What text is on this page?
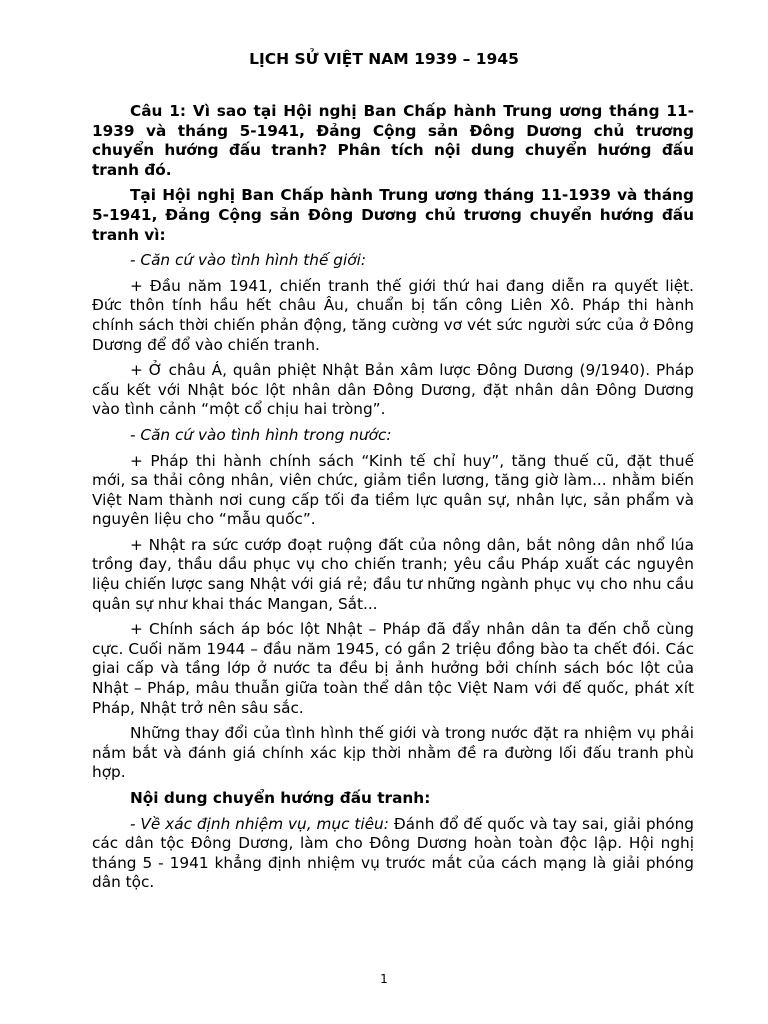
LỊCH SỬ VIỆT NAM 1939 – 1945

Câu 1: Vì sao tại Hội nghị Ban Chấp hành Trung ương tháng 11-1939 và tháng 5-1941, Đảng Cộng sản Đông Dương chủ trương chuyển hướng đấu tranh? Phân tích nội dung chuyển hướng đấu tranh đó.

Tại Hội nghị Ban Chấp hành Trung ương tháng 11-1939 và tháng 5-1941, Đảng Cộng sản Đông Dương chủ trương chuyển hướng đấu tranh vì:

- Căn cứ vào tình hình thế giới:

+ Đầu năm 1941, chiến tranh thế giới thứ hai đang diễn ra quyết liệt. Đức thôn tính hầu hết châu Âu, chuẩn bị tấn công Liên Xô. Pháp thi hành chính sách thời chiến phản động, tăng cường vơ vét sức người sức của ở Đông Dương để đổ vào chiến tranh.

+ Ở châu Á, quân phiệt Nhật Bản xâm lược Đông Dương (9/1940). Pháp cấu kết với Nhật bóc lột nhân dân Đông Dương, đặt nhân dân Đông Dương vào tình cảnh “một cổ chịu hai tròng”.

- Căn cứ vào tình hình trong nước:

+ Pháp thi hành chính sách “Kinh tế chỉ huy”, tăng thuế cũ, đặt thuế mới, sa thải công nhân, viên chức, giảm tiền lương, tăng giờ làm... nhằm biến Việt Nam thành nơi cung cấp tối đa tiềm lực quân sự, nhân lực, sản phẩm và nguyên liệu cho “mẫu quốc”.

+ Nhật ra sức cướp đoạt ruộng đất của nông dân, bắt nông dân nhổ lúa trồng đay, thầu dầu phục vụ cho chiến tranh; yêu cầu Pháp xuất các nguyên liệu chiến lược sang Nhật với giá rẻ; đầu tư những ngành phục vụ cho nhu cầu quân sự như khai thác Mangan, Sắt...

+ Chính sách áp bóc lột Nhật – Pháp đã đẩy nhân dân ta đến chỗ cùng cực. Cuối năm 1944 – đầu năm 1945, có gần 2 triệu đồng bào ta chết đói. Các giai cấp và tầng lớp ở nước ta đều bị ảnh hưởng bởi chính sách bóc lột của Nhật – Pháp, mâu thuẫn giữa toàn thể dân tộc Việt Nam với đế quốc, phát xít Pháp, Nhật trở nên sâu sắc.

Những thay đổi của tình hình thế giới và trong nước đặt ra nhiệm vụ phải nắm bắt và đánh giá chính xác kịp thời nhằm đề ra đường lối đấu tranh phù hợp.

Nội dung chuyển hướng đấu tranh:

- Về xác định nhiệm vụ, mục tiêu: Đánh đổ đế quốc và tay sai, giải phóng các dân tộc Đông Dương, làm cho Đông Dương hoàn toàn độc lập. Hội nghị tháng 5 - 1941 khẳng định nhiệm vụ trước mắt của cách mạng là giải phóng dân tộc.

1
